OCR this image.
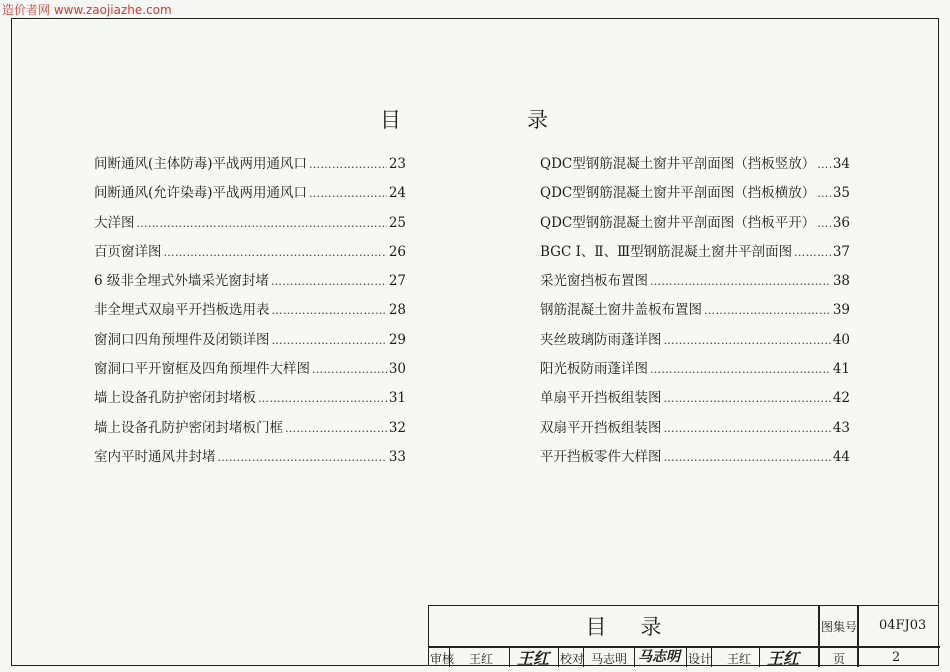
造价者网 www.zaojiazhe.com
目	录
间断通风(主体防毒)平战两用通风口 ………………………………………………………………………………………………………………………………………………	23
间断通风(允许染毒)平战两用通风口 ………………………………………………………………………………………………………………………………………………	24
大洋图 ………………………………………………………………………………………………………………………………………………	25
百页窗详图 ………………………………………………………………………………………………………………………………………………	26
6 级非全埋式外墙采光窗封堵 ………………………………………………………………………………………………………………………………………………	27
非全埋式双扇平开挡板选用表 ………………………………………………………………………………………………………………………………………………	28
窗洞口四角预埋件及闭锁详图 ………………………………………………………………………………………………………………………………………………	29
窗洞口平开窗框及四角预埋件大样图 ………………………………………………………………………………………………………………………………………………	30
墙上设备孔防护密闭封堵板 ………………………………………………………………………………………………………………………………………………	31
墙上设备孔防护密闭封堵板门框 ………………………………………………………………………………………………………………………………………………	32
室内平时通风井封堵 ………………………………………………………………………………………………………………………………………………	33
QDC型钢筋混凝土窗井平剖面图（挡板竖放） ……………………………………………………………………………………………………………………………………………… 34
QDC型钢筋混凝土窗井平剖面图（挡板横放） ……………………………………………………………………………………………………………………………………………… 35
QDC型钢筋混凝土窗井平剖面图（挡板平开） ……………………………………………………………………………………………………………………………………………… 36
BGC Ⅰ、Ⅱ、Ⅲ型钢筋混凝土窗井平剖面图 ………………………………………………………………………………………………………………………………………………	37
采光窗挡板布置图 ………………………………………………………………………………………………………………………………………………	38
钢筋混凝土窗井盖板布置图 ………………………………………………………………………………………………………………………………………………	39
夹丝玻璃防雨蓬详图 ………………………………………………………………………………………………………………………………………………	40
阳光板防雨蓬详图 ………………………………………………………………………………………………………………………………………………	41
单扇平开挡板组装图 ………………………………………………………………………………………………………………………………………………	42
双扇平开挡板组装图 ………………………………………………………………………………………………………………………………………………	43
平开挡板零件大样图 ………………………………………………………………………………………………………………………………………………	44
目 录	图集号 04FJ03
审核 王红 王红 校对 马志明 马志明 设计 王红 王红	页	2
